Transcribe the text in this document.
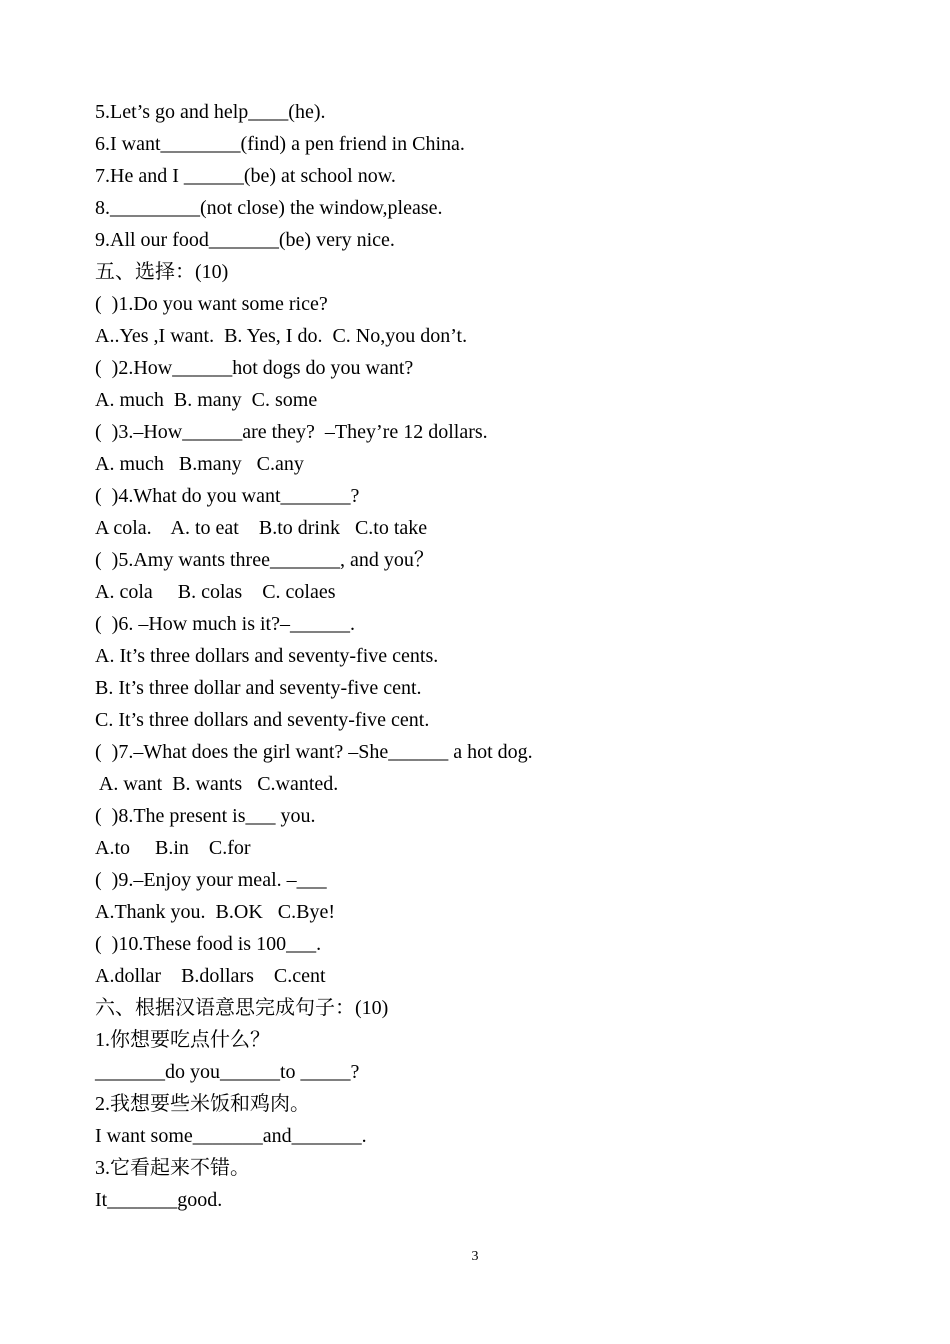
5.Let’s go and help____(he).
6.I want________(find) a pen friend in China.
7.He and I ______(be) at school now.
8._________(not close) the window,please.
9.All our food_______(be) very nice.
五、选择：(10)
(  )1.Do you want some rice?
A..Yes ,I want.  B. Yes, I do.  C. No,you don’t.
(  )2.How______hot dogs do you want?
A. much  B. many  C. some
(  )3.–How______are they?  –They’re 12 dollars.
A. much   B.many   C.any
(  )4.What do you want_______?
A cola.    A. to eat    B.to drink   C.to take
(  )5.Amy wants three_______, and you？
A. cola     B. colas    C. colaes
(  )6. –How much is it?–______.
A. It’s three dollars and seventy-five cents.
B. It’s three dollar and seventy-five cent.
C. It’s three dollars and seventy-five cent.
(  )7.–What does the girl want? –She______ a hot dog.
A. want  B. wants   C.wanted.
(  )8.The present is___ you.
A.to     B.in    C.for
(  )9.–Enjoy your meal. –___
A.Thank you.  B.OK   C.Bye!
(  )10.These food is 100___.
A.dollar    B.dollars    C.cent
六、根据汉语意思完成句子：(10)
1.你想要吃点什么？
_______do you______to _____?
2.我想要些米饭和鸡肉。
I want some_______and_______.
3.它看起来不错。
It_______good.
3
